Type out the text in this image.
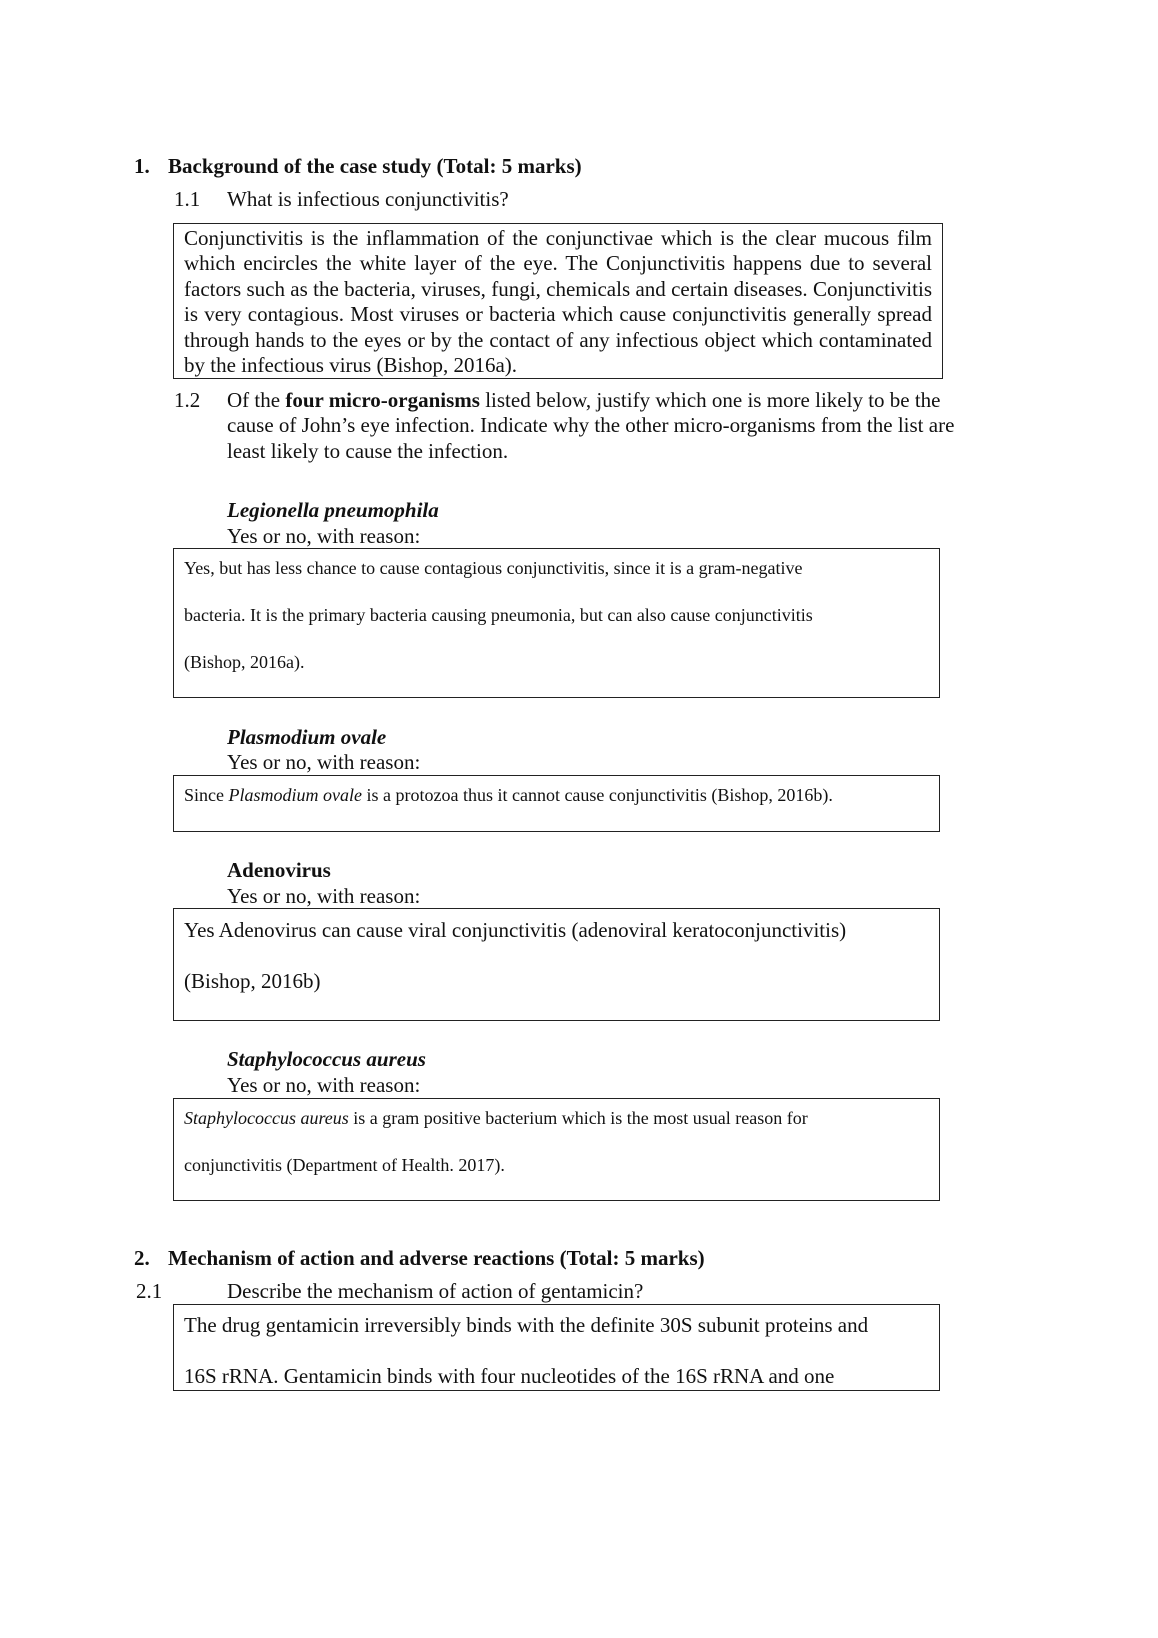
1. Background of the case study (Total: 5 marks)
1.1 What is infectious conjunctivitis?
Conjunctivitis is the inflammation of the conjunctivae which is the clear mucous film which encircles the white layer of the eye. The Conjunctivitis happens due to several factors such as the bacteria, viruses, fungi, chemicals and certain diseases. Conjunctivitis is very contagious. Most viruses or bacteria which cause conjunctivitis generally spread through hands to the eyes or by the contact of any infectious object which contaminated by the infectious virus (Bishop, 2016a).
1.2 Of the four micro-organisms listed below, justify which one is more likely to be the cause of John’s eye infection. Indicate why the other micro-organisms from the list are least likely to cause the infection.
Legionella pneumophila
Yes or no, with reason:
Yes, but has less chance to cause contagious conjunctivitis, since it is a gram-negative
bacteria. It is the primary bacteria causing pneumonia, but can also cause conjunctivitis
(Bishop, 2016a).
Plasmodium ovale
Yes or no, with reason:
Since Plasmodium ovale is a protozoa thus it cannot cause conjunctivitis (Bishop, 2016b).
Adenovirus
Yes or no, with reason:
Yes Adenovirus can cause viral conjunctivitis (adenoviral keratoconjunctivitis)
(Bishop, 2016b)
Staphylococcus aureus
Yes or no, with reason:
Staphylococcus aureus is a gram positive bacterium which is the most usual reason for
conjunctivitis (Department of Health. 2017).
2. Mechanism of action and adverse reactions (Total: 5 marks)
2.1	Describe the mechanism of action of gentamicin?
The drug gentamicin irreversibly binds with the definite 30S subunit proteins and
16S rRNA. Gentamicin binds with four nucleotides of the 16S rRNA and one
